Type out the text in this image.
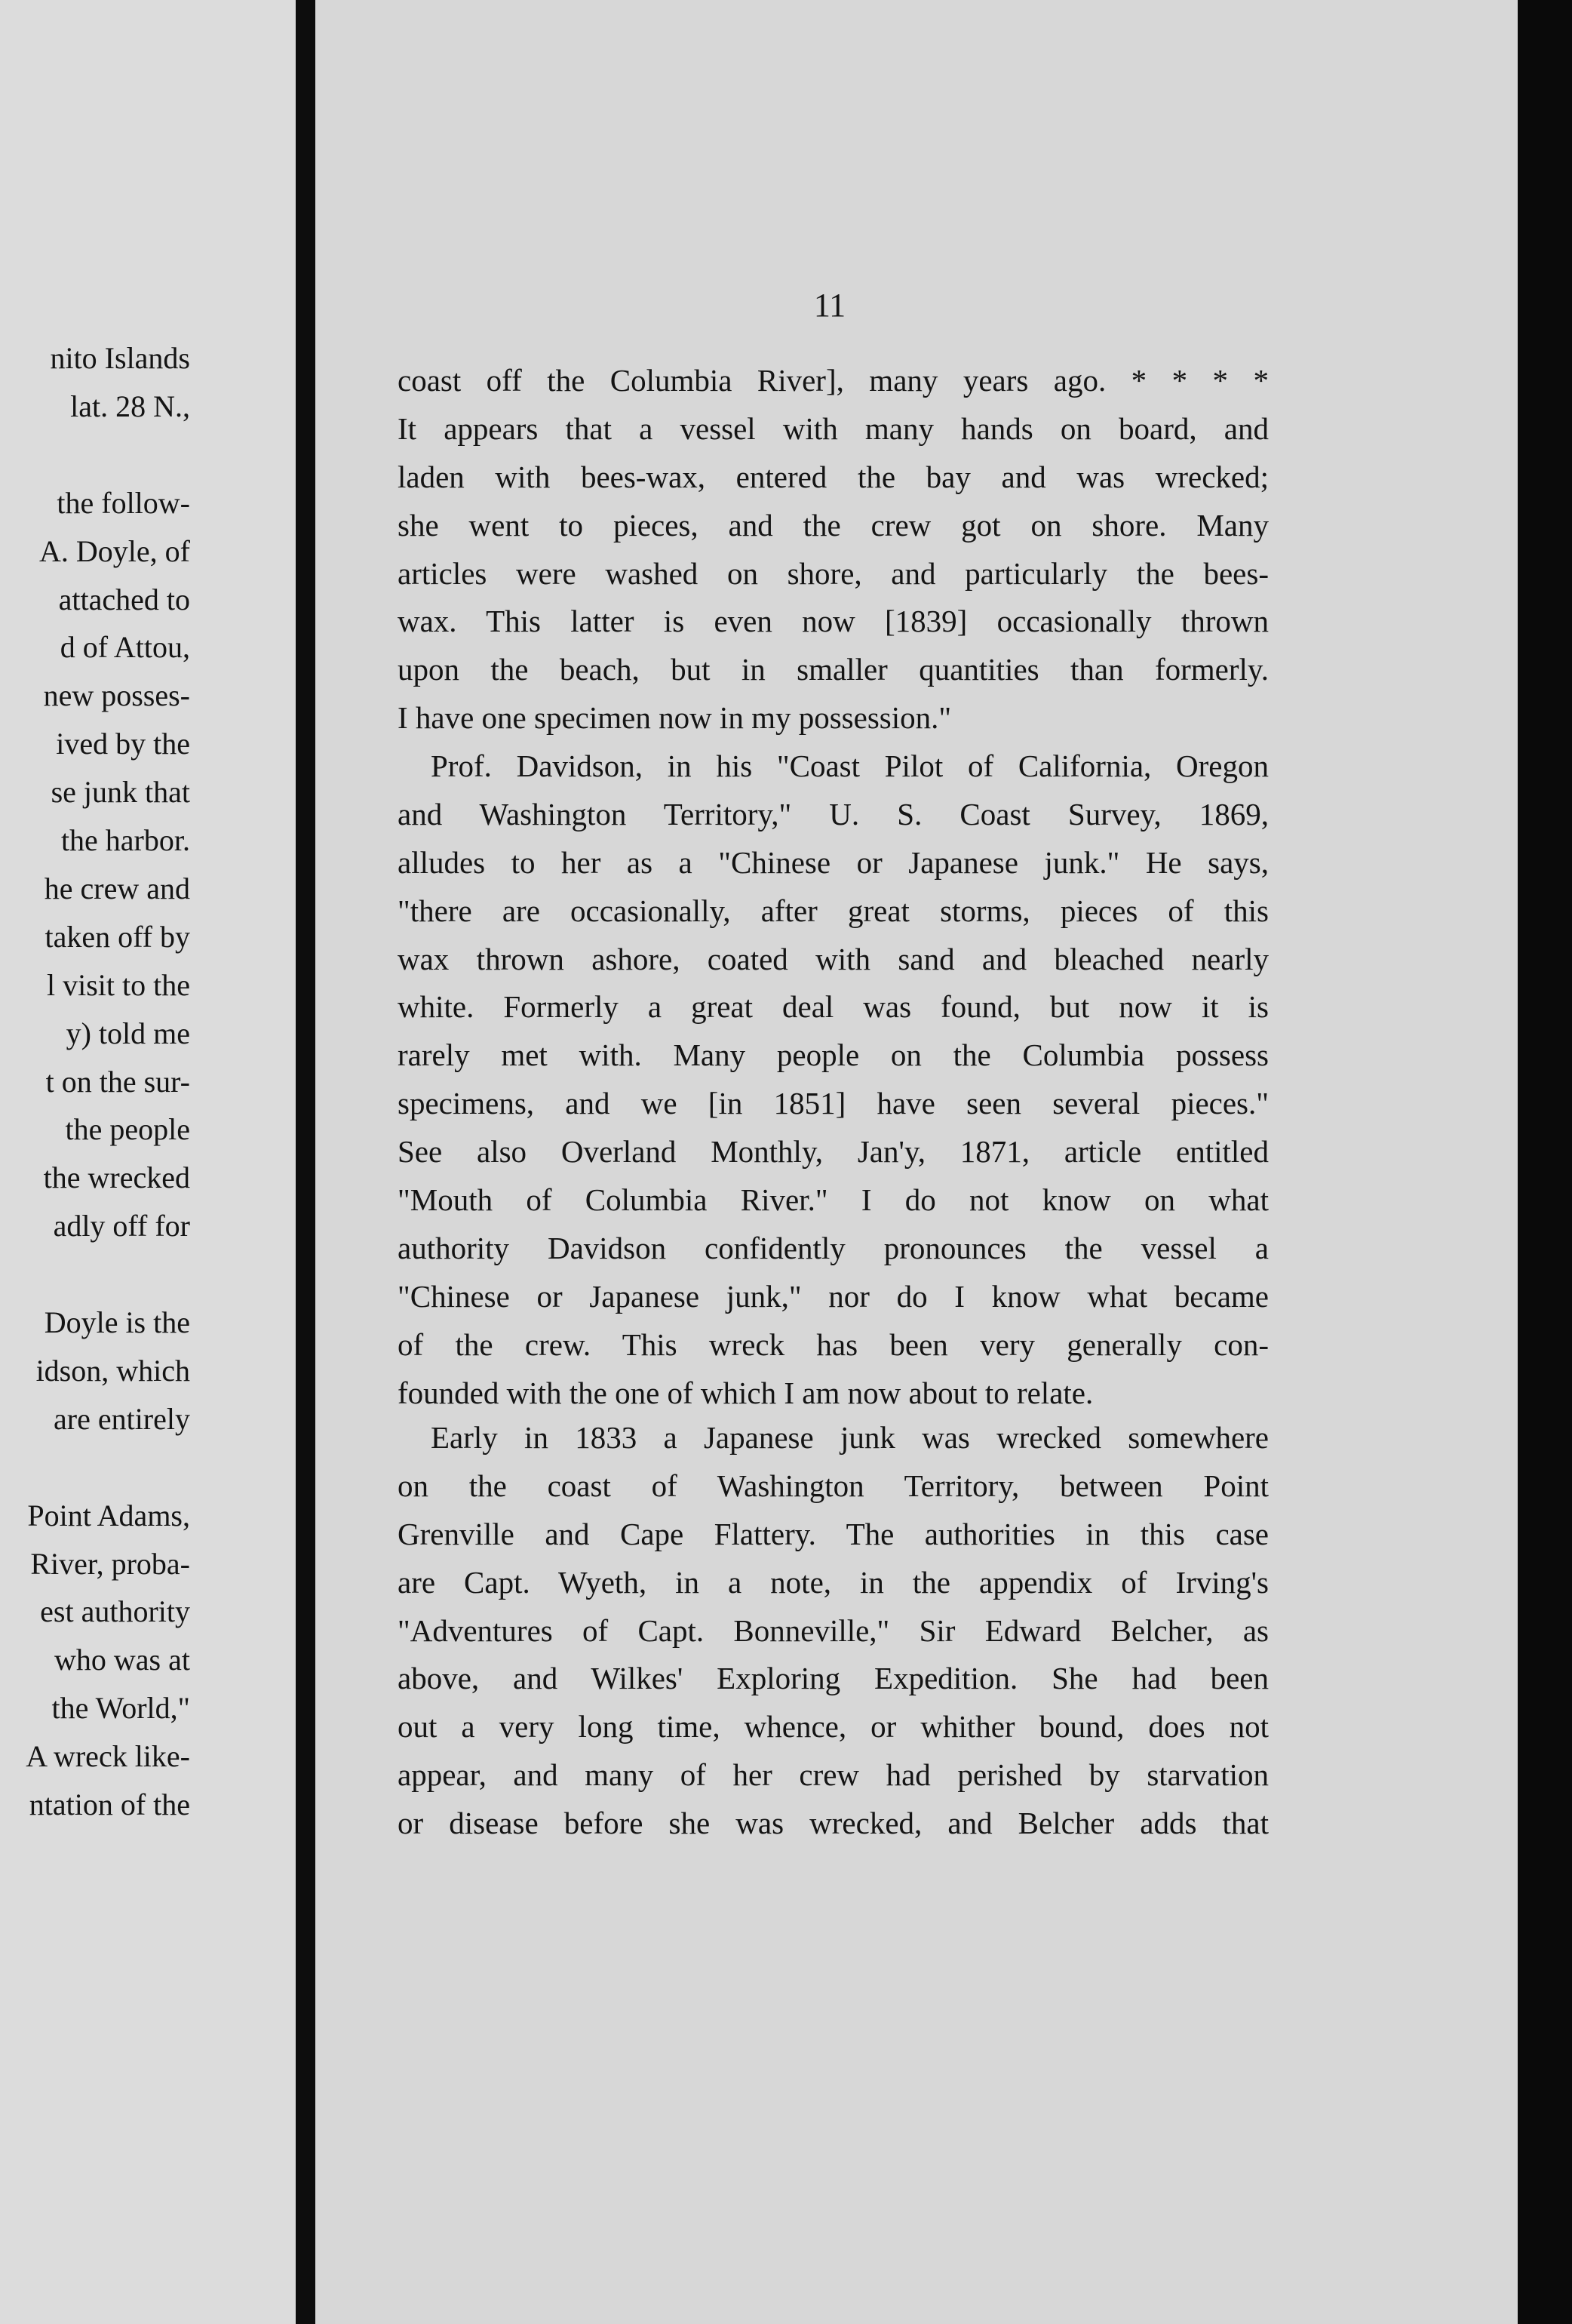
nito Islands
lat. 28 N.,
the follow-
A. Doyle, of
attached to
d of Attou,
new posses-
ived by the
se junk that
the harbor.
he crew and
taken off by
l visit to the
y) told me
t on the sur-
the people
the wrecked
adly off for
Doyle is the
idson, which
are entirely
Point Adams,
River, proba-
est authority
who was at
the World,"
A wreck like-
ntation of the
11
coast off the Columbia River], many years ago. * * * *
It appears that a vessel with many hands on board, and
laden with bees-wax, entered the bay and was wrecked;
she went to pieces, and the crew got on shore. Many
articles were washed on shore, and particularly the bees-
wax. This latter is even now [1839] occasionally thrown
upon the beach, but in smaller quantities than formerly.
I have one specimen now in my possession."
Prof. Davidson, in his "Coast Pilot of California, Oregon
and Washington Territory," U. S. Coast Survey, 1869,
alludes to her as a "Chinese or Japanese junk." He says,
"there are occasionally, after great storms, pieces of this
wax thrown ashore, coated with sand and bleached nearly
white. Formerly a great deal was found, but now it is
rarely met with. Many people on the Columbia possess
specimens, and we [in 1851] have seen several pieces."
See also Overland Monthly, Jan'y, 1871, article entitled
"Mouth of Columbia River." I do not know on what
authority Davidson confidently pronounces the vessel a
"Chinese or Japanese junk," nor do I know what became
of the crew. This wreck has been very generally con-
founded with the one of which I am now about to relate.
Early in 1833 a Japanese junk was wrecked somewhere
on the coast of Washington Territory, between Point
Grenville and Cape Flattery. The authorities in this case
are Capt. Wyeth, in a note, in the appendix of Irving's
"Adventures of Capt. Bonneville," Sir Edward Belcher, as
above, and Wilkes' Exploring Expedition. She had been
out a very long time, whence, or whither bound, does not
appear, and many of her crew had perished by starvation
or disease before she was wrecked, and Belcher adds that
